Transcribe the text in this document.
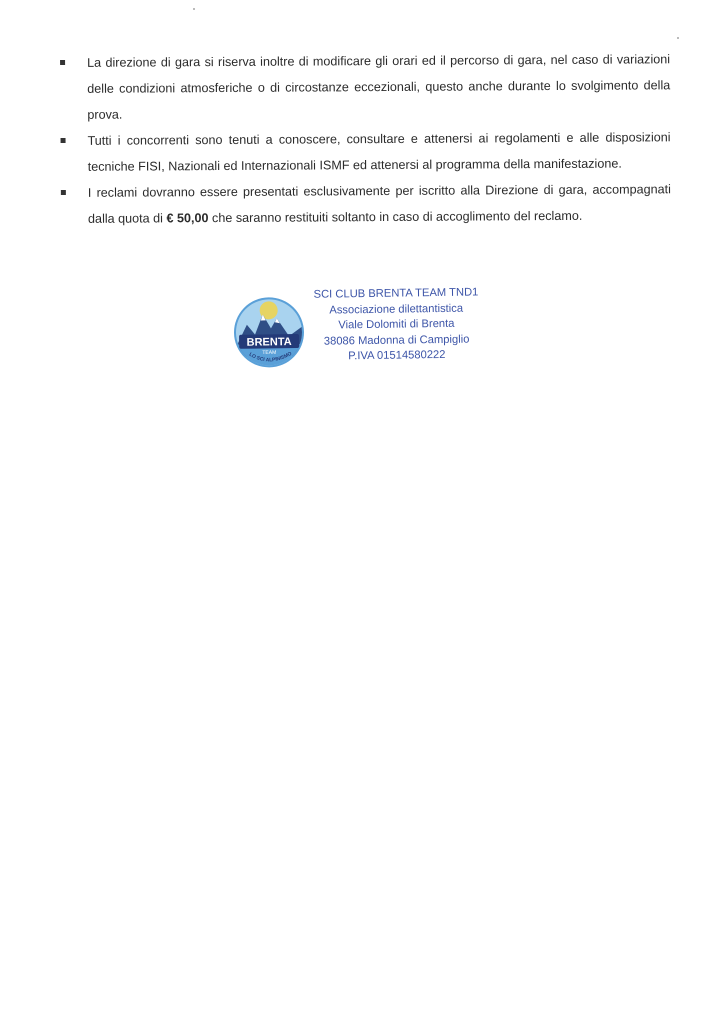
La direzione di gara si riserva inoltre di modificare gli orari ed il percorso di gara, nel caso di variazioni delle condizioni atmosferiche o di circostanze eccezionali, questo anche durante lo svolgimento della prova.
Tutti i concorrenti sono tenuti a conoscere, consultare e attenersi ai regolamenti e alle disposizioni tecniche FISI, Nazionali ed Internazionali ISMF ed attenersi al programma della manifestazione.
I reclami dovranno essere presentati esclusivamente per iscritto alla Direzione di gara, accompagnati dalla quota di € 50,00 che saranno restituiti soltanto in caso di accoglimento del reclamo.
BRENTA
TEAM
LO SCI ALPINISMO
SCI CLUB BRENTA TEAM TND1
Associazione dilettantistica
Viale Dolomiti di Brenta
38086 Madonna di Campiglio
P.IVA 01514580222
